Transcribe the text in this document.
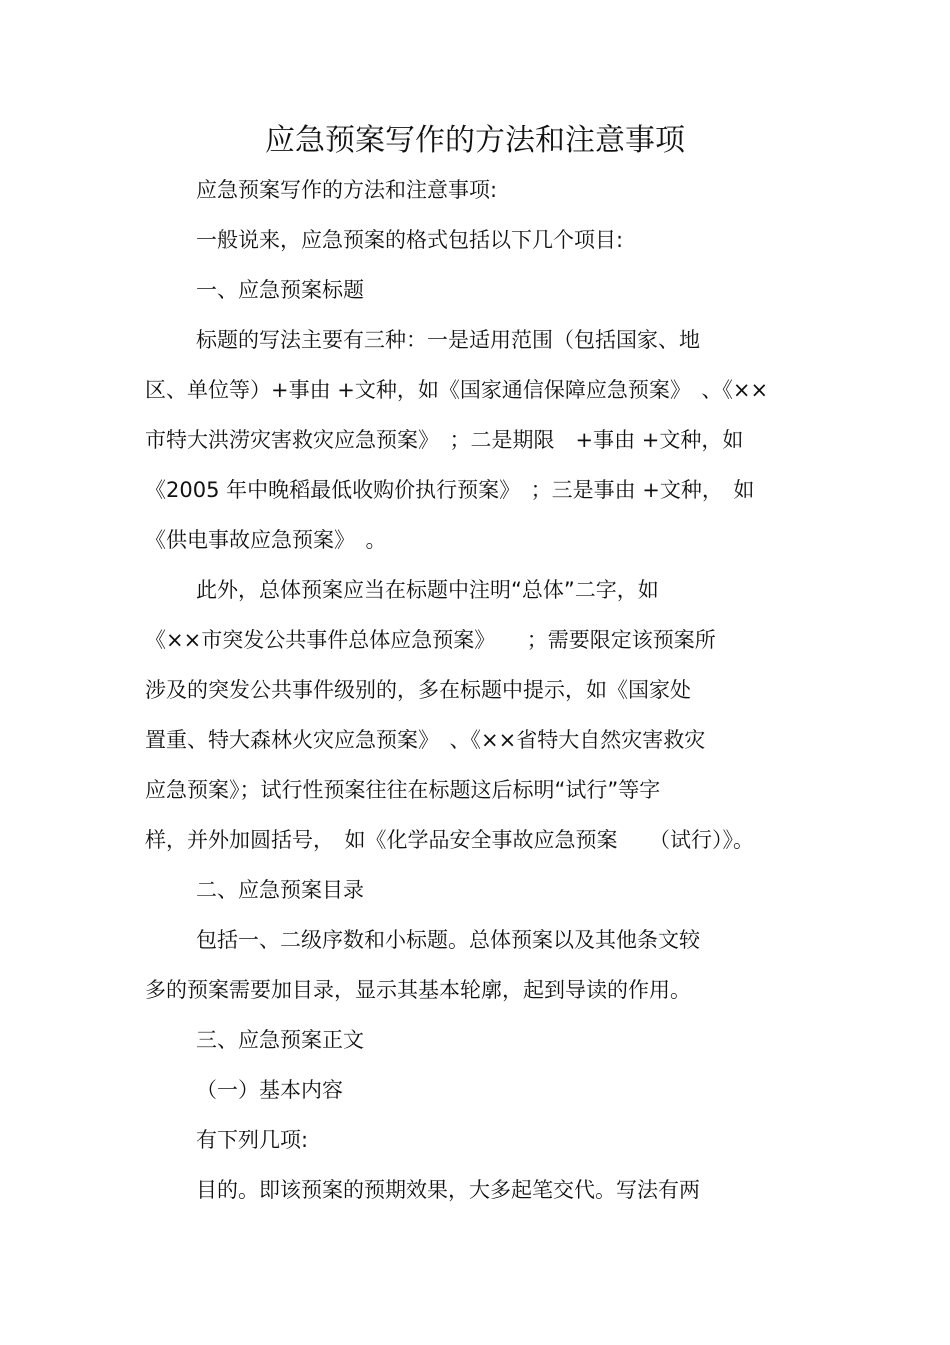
应急预案写作的方法和注意事项
应急预案写作的方法和注意事项:
一般说来，应急预案的格式包括以下几个项目:
一、应急预案标题
标题的写法主要有三种：一是适用范围（包括国家、地
区、单位等）+事由 +文种，如《国家通信保障应急预案》　、《××
市特大洪涝灾害救灾应急预案》　；二是期限　+事由 +文种，如
《2005 年中晚稻最低收购价执行预案》　；三是事由 +文种，　如
《供电事故应急预案》　。
此外，总体预案应当在标题中注明“总体”二字，如
《××市突发公共事件总体应急预案》　　；需要限定该预案所
涉及的突发公共事件级别的，多在标题中提示，如《国家处
置重、特大森林火灾应急预案》　、《××省特大自然灾害救灾
应急预案》；试行性预案往往在标题这后标明“试行”等字
样，并外加圆括号，　如《化学品安全事故应急预案　　（试行）》。
二、应急预案目录
包括一、二级序数和小标题。总体预案以及其他条文较
多的预案需要加目录，显示其基本轮廓，起到导读的作用。
三、应急预案正文
（一）基本内容
有下列几项:
目的。即该预案的预期效果，大多起笔交代。写法有两
